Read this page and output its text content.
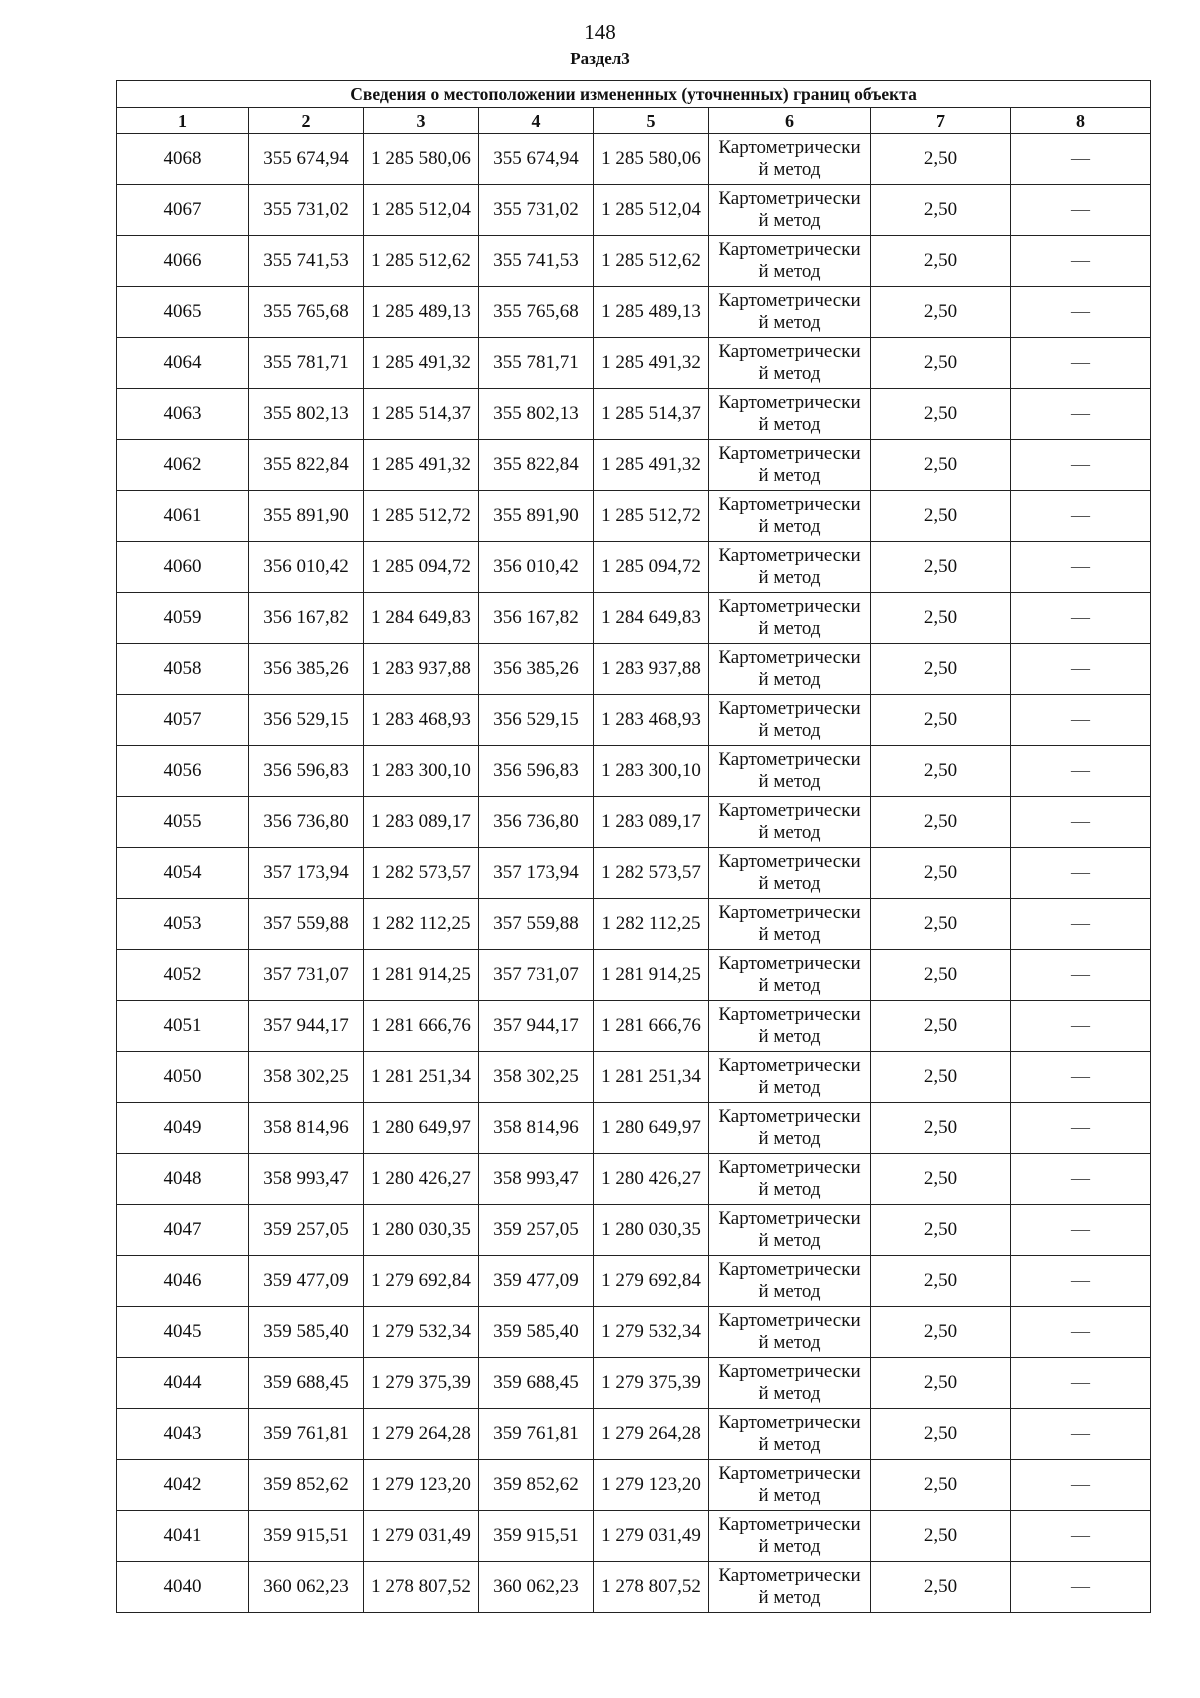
148
Раздел3
Сведения о местоположении измененных (уточненных) границ объекта							
1	2	3	4	5	6	7	8
4068	355 674,94	1 285 580,06	355 674,94	1 285 580,06	Картометрически
й метод	2,50	—
4067	355 731,02	1 285 512,04	355 731,02	1 285 512,04	Картометрически
й метод	2,50	—
4066	355 741,53	1 285 512,62	355 741,53	1 285 512,62	Картометрически
й метод	2,50	—
4065	355 765,68	1 285 489,13	355 765,68	1 285 489,13	Картометрически
й метод	2,50	—
4064	355 781,71	1 285 491,32	355 781,71	1 285 491,32	Картометрически
й метод	2,50	—
4063	355 802,13	1 285 514,37	355 802,13	1 285 514,37	Картометрически
й метод	2,50	—
4062	355 822,84	1 285 491,32	355 822,84	1 285 491,32	Картометрически
й метод	2,50	—
4061	355 891,90	1 285 512,72	355 891,90	1 285 512,72	Картометрически
й метод	2,50	—
4060	356 010,42	1 285 094,72	356 010,42	1 285 094,72	Картометрически
й метод	2,50	—
4059	356 167,82	1 284 649,83	356 167,82	1 284 649,83	Картометрически
й метод	2,50	—
4058	356 385,26	1 283 937,88	356 385,26	1 283 937,88	Картометрически
й метод	2,50	—
4057	356 529,15	1 283 468,93	356 529,15	1 283 468,93	Картометрически
й метод	2,50	—
4056	356 596,83	1 283 300,10	356 596,83	1 283 300,10	Картометрически
й метод	2,50	—
4055	356 736,80	1 283 089,17	356 736,80	1 283 089,17	Картометрически
й метод	2,50	—
4054	357 173,94	1 282 573,57	357 173,94	1 282 573,57	Картометрически
й метод	2,50	—
4053	357 559,88	1 282 112,25	357 559,88	1 282 112,25	Картометрически
й метод	2,50	—
4052	357 731,07	1 281 914,25	357 731,07	1 281 914,25	Картометрически
й метод	2,50	—
4051	357 944,17	1 281 666,76	357 944,17	1 281 666,76	Картометрически
й метод	2,50	—
4050	358 302,25	1 281 251,34	358 302,25	1 281 251,34	Картометрически
й метод	2,50	—
4049	358 814,96	1 280 649,97	358 814,96	1 280 649,97	Картометрически
й метод	2,50	—
4048	358 993,47	1 280 426,27	358 993,47	1 280 426,27	Картометрически
й метод	2,50	—
4047	359 257,05	1 280 030,35	359 257,05	1 280 030,35	Картометрически
й метод	2,50	—
4046	359 477,09	1 279 692,84	359 477,09	1 279 692,84	Картометрически
й метод	2,50	—
4045	359 585,40	1 279 532,34	359 585,40	1 279 532,34	Картометрически
й метод	2,50	—
4044	359 688,45	1 279 375,39	359 688,45	1 279 375,39	Картометрически
й метод	2,50	—
4043	359 761,81	1 279 264,28	359 761,81	1 279 264,28	Картометрически
й метод	2,50	—
4042	359 852,62	1 279 123,20	359 852,62	1 279 123,20	Картометрически
й метод	2,50	—
4041	359 915,51	1 279 031,49	359 915,51	1 279 031,49	Картометрически
й метод	2,50	—
4040	360 062,23	1 278 807,52	360 062,23	1 278 807,52	Картометрически
й метод	2,50	—
